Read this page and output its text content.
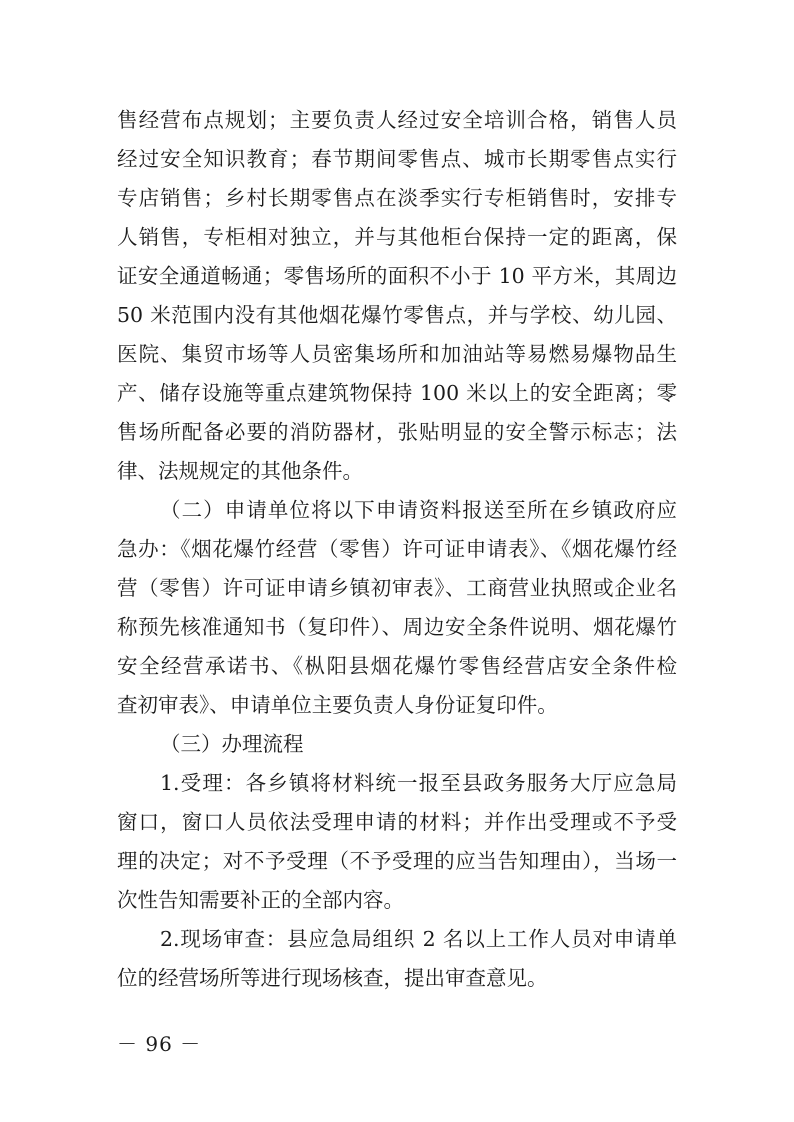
售经营布点规划；主要负责人经过安全培训合格，销售人员
经过安全知识教育；春节期间零售点、城市长期零售点实行
专店销售；乡村长期零售点在淡季实行专柜销售时，安排专
人销售，专柜相对独立，并与其他柜台保持一定的距离，保
证安全通道畅通；零售场所的面积不小于 10 平方米，其周边
50 米范围内没有其他烟花爆竹零售点，并与学校、幼儿园、
医院、集贸市场等人员密集场所和加油站等易燃易爆物品生
产、储存设施等重点建筑物保持 100 米以上的安全距离；零
售场所配备必要的消防器材，张贴明显的安全警示标志；法
律、法规规定的其他条件。
（二）申请单位将以下申请资料报送至所在乡镇政府应
急办：《烟花爆竹经营（零售）许可证申请表》、《烟花爆竹经
营（零售）许可证申请乡镇初审表》、工商营业执照或企业名
称预先核准通知书（复印件）、周边安全条件说明、烟花爆竹
安全经营承诺书、《枞阳县烟花爆竹零售经营店安全条件检
查初审表》、申请单位主要负责人身份证复印件。
（三）办理流程
1.受理：各乡镇将材料统一报至县政务服务大厅应急局
窗口，窗口人员依法受理申请的材料；并作出受理或不予受
理的决定；对不予受理（不予受理的应当告知理由），当场一
次性告知需要补正的全部内容。
2.现场审查：县应急局组织 2 名以上工作人员对申请单
位的经营场所等进行现场核查，提出审查意见。
－ 96 －
